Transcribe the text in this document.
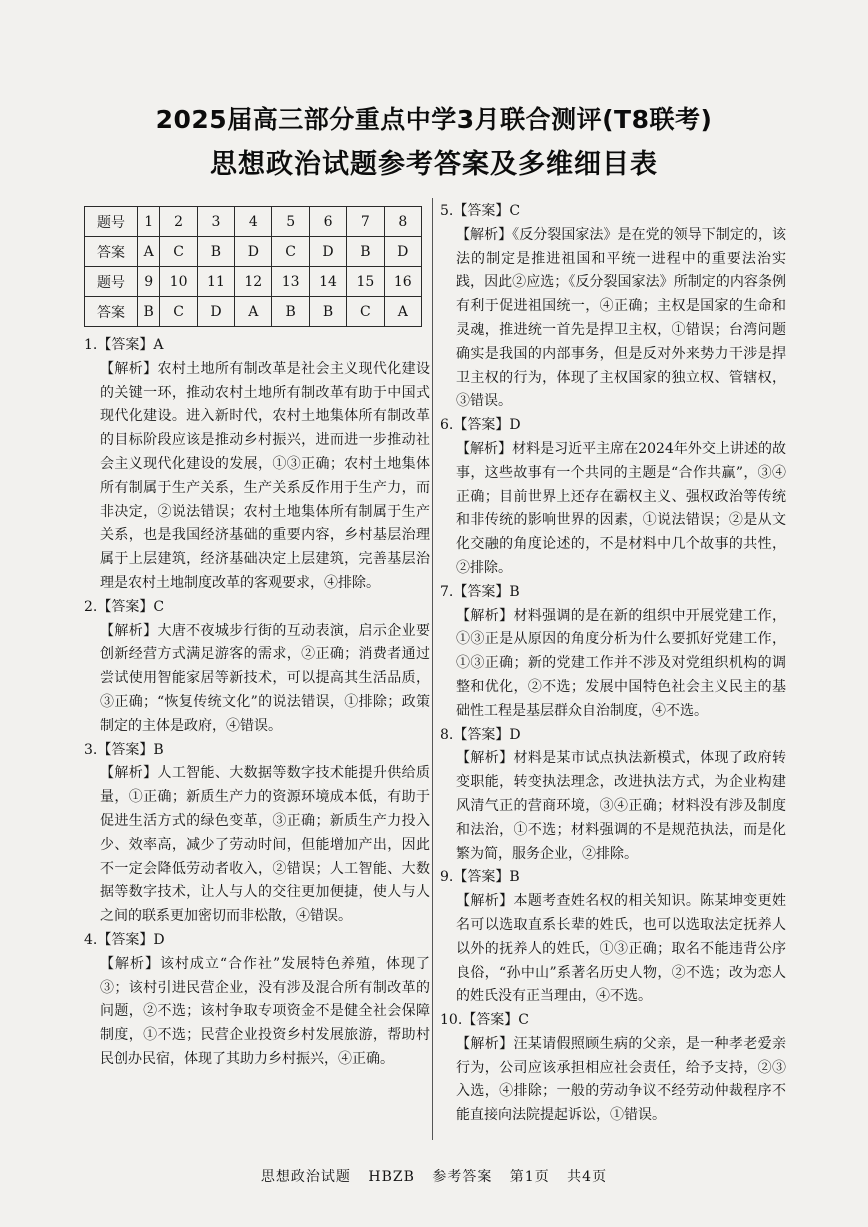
2025届高三部分重点中学3月联合测评(T8联考)
思想政治试题参考答案及多维细目表
题号	1	2	3	4	5	6	7	8
答案	A	C	B	D	C	D	B	D
题号	9	10	11	12	13	14	15	16
答案	B	C	D	A	B	B	C	A
1.【答案】A
【解析】农村土地所有制改革是社会主义现代化建设的关键一环，推动农村土地所有制改革有助于中国式现代化建设。进入新时代，农村土地集体所有制改革的目标阶段应该是推动乡村振兴，进而进一步推动社会主义现代化建设的发展，①③正确；农村土地集体所有制属于生产关系，生产关系反作用于生产力，而非决定，②说法错误；农村土地集体所有制属于生产关系，也是我国经济基础的重要内容，乡村基层治理属于上层建筑，经济基础决定上层建筑，完善基层治理是农村土地制度改革的客观要求，④排除。
2.【答案】C
【解析】大唐不夜城步行街的互动表演，启示企业要创新经营方式满足游客的需求，②正确；消费者通过尝试使用智能家居等新技术，可以提高其生活品质，③正确；“恢复传统文化”的说法错误，①排除；政策制定的主体是政府，④错误。
3.【答案】B
【解析】人工智能、大数据等数字技术能提升供给质量，①正确；新质生产力的资源环境成本低，有助于促进生活方式的绿色变革，③正确；新质生产力投入少、效率高，减少了劳动时间，但能增加产出，因此不一定会降低劳动者收入，②错误；人工智能、大数据等数字技术，让人与人的交往更加便捷，使人与人之间的联系更加密切而非松散，④错误。
4.【答案】D
【解析】该村成立“合作社”发展特色养殖，体现了③；该村引进民营企业，没有涉及混合所有制改革的问题，②不选；该村争取专项资金不是健全社会保障制度，①不选；民营企业投资乡村发展旅游，帮助村民创办民宿，体现了其助力乡村振兴，④正确。
5.【答案】C
【解析】《反分裂国家法》是在党的领导下制定的，该法的制定是推进祖国和平统一进程中的重要法治实践，因此②应选；《反分裂国家法》所制定的内容条例有利于促进祖国统一，④正确；主权是国家的生命和灵魂，推进统一首先是捍卫主权，①错误；台湾问题确实是我国的内部事务，但是反对外来势力干涉是捍卫主权的行为，体现了主权国家的独立权、管辖权，③错误。
6.【答案】D
【解析】材料是习近平主席在2024年外交上讲述的故事，这些故事有一个共同的主题是“合作共赢”，③④正确；目前世界上还存在霸权主义、强权政治等传统和非传统的影响世界的因素，①说法错误；②是从文化交融的角度论述的，不是材料中几个故事的共性，②排除。
7.【答案】B
【解析】材料强调的是在新的组织中开展党建工作，①③正是从原因的角度分析为什么要抓好党建工作，①③正确；新的党建工作并不涉及对党组织机构的调整和优化，②不选；发展中国特色社会主义民主的基础性工程是基层群众自治制度，④不选。
8.【答案】D
【解析】材料是某市试点执法新模式，体现了政府转变职能，转变执法理念，改进执法方式，为企业构建风清气正的营商环境，③④正确；材料没有涉及制度和法治，①不选；材料强调的不是规范执法，而是化繁为简，服务企业，②排除。
9.【答案】B
【解析】本题考查姓名权的相关知识。陈某坤变更姓名可以选取直系长辈的姓氏，也可以选取法定抚养人以外的抚养人的姓氏，①③正确；取名不能违背公序良俗，“孙中山”系著名历史人物，②不选；改为恋人的姓氏没有正当理由，④不选。
10.【答案】C
【解析】汪某请假照顾生病的父亲，是一种孝老爱亲行为，公司应该承担相应社会责任，给予支持，②③入选，④排除；一般的劳动争议不经劳动仲裁程序不能直接向法院提起诉讼，①错误。
思想政治试题 HBZB 参考答案 第1页 共4页
